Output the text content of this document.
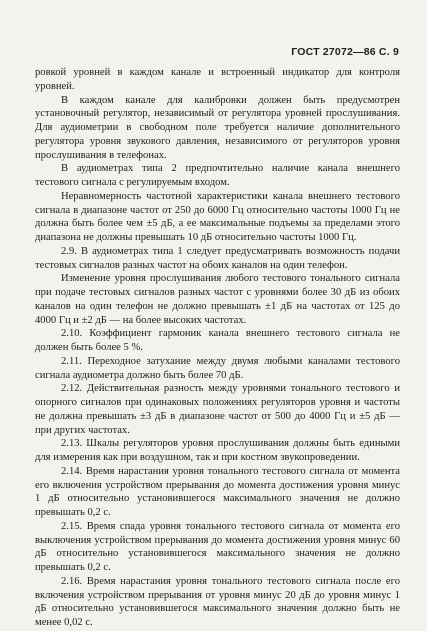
ГОСТ 27072—86 С. 9

ровкой уровней в каждом канале и встроенный индикатор для контроля уровней.

В каждом канале для калибровки должен быть предусмотрен установочный регулятор, независимый от регулятора уровней прослушивания. Для аудиометрии в свободном поле требуется наличие дополнительного регулятора уровня звукового давления, независимого от регуляторов уровня прослушивания в телефонах.

В аудиометрах типа 2 предпочтительно наличие канала внешнего тестового сигнала с регулируемым входом.

Неравномерность частотной характеристики канала внешнего тестового сигнала в диапазоне частот от 250 до 6000 Гц относительно частоты 1000 Гц не должна быть более чем ±5 дБ, а ее максимальные подъемы за пределами этого диапазона не должны превышать 10 дБ относительно частоты 1000 Гц.

2.9. В аудиометрах типа 1 следует предусматривать возможность подачи тестовых сигналов разных частот на обоих каналов на один телефон.

Изменение уровня прослушивания любого тестового тонального сигнала при подаче тестовых сигналов разных частот с уровнями более 30 дБ из обоих каналов на один телефон не должно превышать ±1 дБ на частотах от 125 до 4000 Гц и ±2 дБ — на более высоких частотах.

2.10. Коэффициент гармоник канала внешнего тестового сигнала не должен быть более 5 %.

2.11. Переходное затухание между двумя любыми каналами тестового сигнала аудиометра должно быть более 70 дБ.

2.12. Действительная разность между уровнями тонального тестового и опорного сигналов при одинаковых положениях регуляторов уровня и частоты не должна превышать ±3 дБ в диапазоне частот от 500 до 4000 Гц и ±5 дБ — при других частотах.

2.13. Шкалы регуляторов уровня прослушивания должны быть едиными для измерения как при воздушном, так и при костном звукопроведении.

2.14. Время нарастания уровня тонального тестового сигнала от момента его включения устройством прерывания до момента достижения уровня минус 1 дБ относительно установившегося максимального значения не должно превышать 0,2 с.

2.15. Время спада уровня тонального тестового сигнала от момента его выключения устройством прерывания до момента достижения уровня минус 60 дБ относительно установившегося максимального значения не должно превышать 0,2 с.

2.16. Время нарастания уровня тонального тестового сигнала после его включения устройством прерывания от уровня минус 20 дБ до уровня минус 1 дБ относительно установившегося максимального значения должно быть не менее 0,02 с.
